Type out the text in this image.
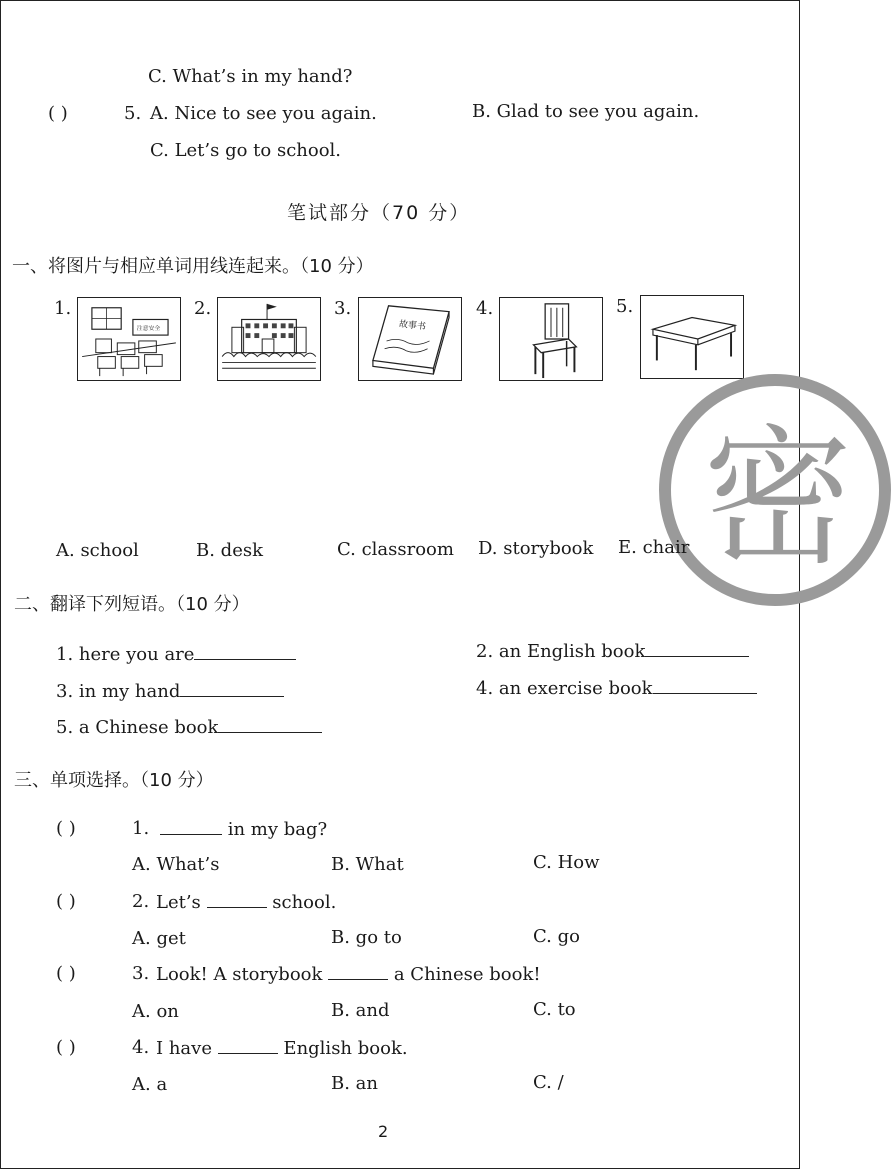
C. What’s in my hand?
( )	5. A. Nice to see you again.	B. Glad to see you again.
C. Let’s go to school.
笔试部分（70 分）
一、将图片与相应单词用线连起来。（10 分）
1.
注意安全
2.	3.
故事书
4.	5.
密
A. school	B. desk	C. classroom D. storybook E. chair
二、翻译下列短语。（10 分）
1. here you are	2. an English book
3. in my hand	4. an exercise book
5. a Chinese book
三、单项选择。（10 分）
( )	1.	in my bag?
A. What’s	B. What	C. How
( )	2. Let’s	school.
A. get	B. go to	C. go
( )	3. Look! A storybook	a Chinese book!
A. on	B. and	C. to
( )	4. I have	English book.
A. a	B. an	C. /
2
